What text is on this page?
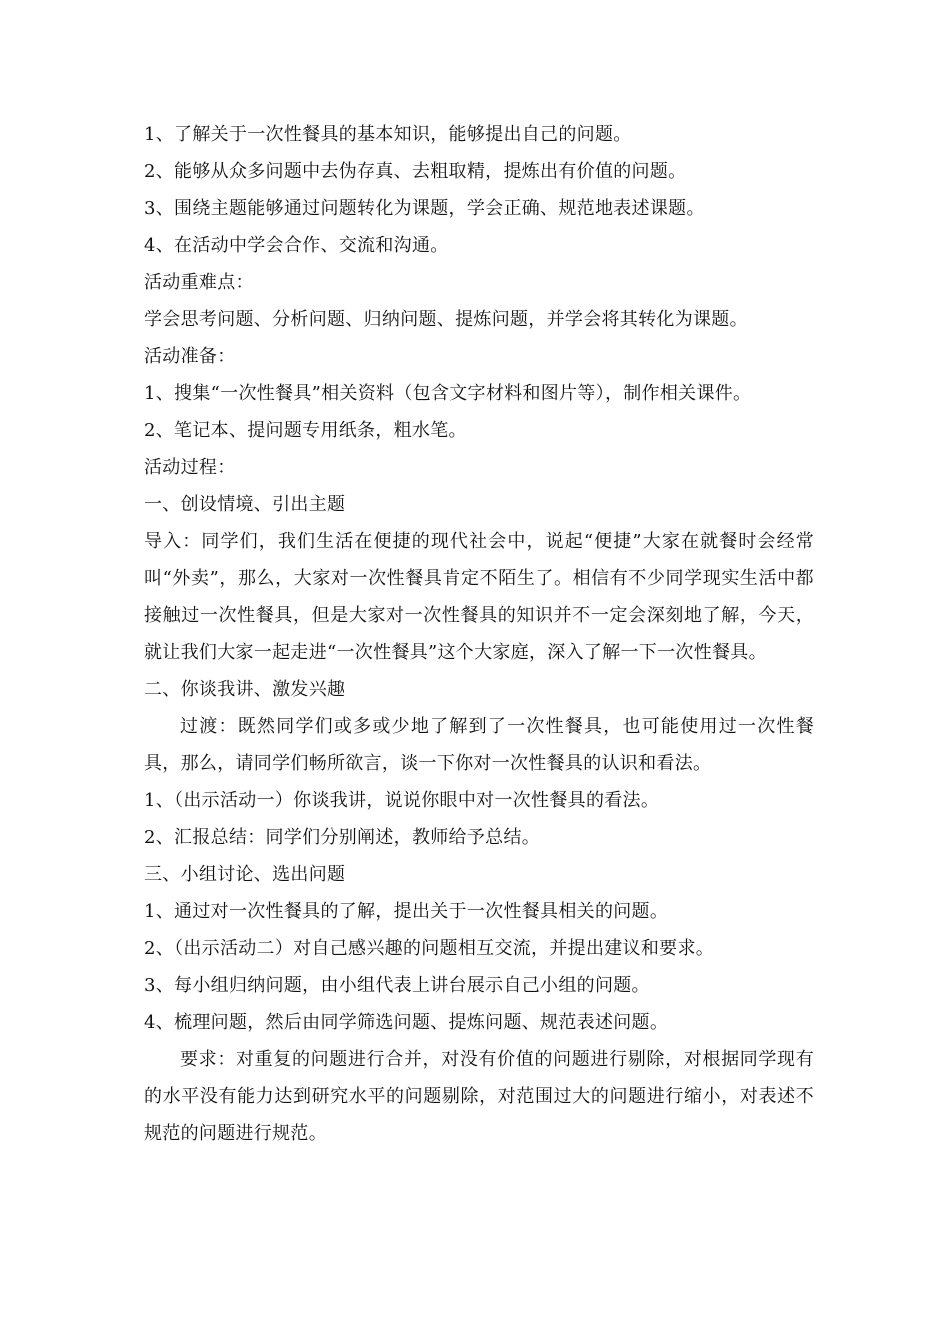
1、了解关于一次性餐具的基本知识，能够提出自己的问题。

2、能够从众多问题中去伪存真、去粗取精，提炼出有价值的问题。

3、围绕主题能够通过问题转化为课题，学会正确、规范地表述课题。

4、在活动中学会合作、交流和沟通。

活动重难点：

学会思考问题、分析问题、归纳问题、提炼问题，并学会将其转化为课题。

活动准备：

1、搜集“一次性餐具”相关资料（包含文字材料和图片等），制作相关课件。

2、笔记本、提问题专用纸条，粗水笔。

活动过程：

一、创设情境、引出主题

导入：同学们，我们生活在便捷的现代社会中，说起“便捷”大家在就餐时会经常叫“外卖”，那么，大家对一次性餐具肯定不陌生了。相信有不少同学现实生活中都接触过一次性餐具，但是大家对一次性餐具的知识并不一定会深刻地了解，今天，就让我们大家一起走进“一次性餐具”这个大家庭，深入了解一下一次性餐具。

二、你谈我讲、激发兴趣

过渡：既然同学们或多或少地了解到了一次性餐具，也可能使用过一次性餐具，那么，请同学们畅所欲言，谈一下你对一次性餐具的认识和看法。

1、（出示活动一）你谈我讲，说说你眼中对一次性餐具的看法。

2、汇报总结：同学们分别阐述，教师给予总结。

三、小组讨论、选出问题

1、通过对一次性餐具的了解，提出关于一次性餐具相关的问题。

2、（出示活动二）对自己感兴趣的问题相互交流，并提出建议和要求。

3、每小组归纳问题，由小组代表上讲台展示自己小组的问题。

4、梳理问题，然后由同学筛选问题、提炼问题、规范表述问题。

要求：对重复的问题进行合并，对没有价值的问题进行剔除，对根据同学现有的水平没有能力达到研究水平的问题剔除，对范围过大的问题进行缩小，对表述不规范的问题进行规范。
